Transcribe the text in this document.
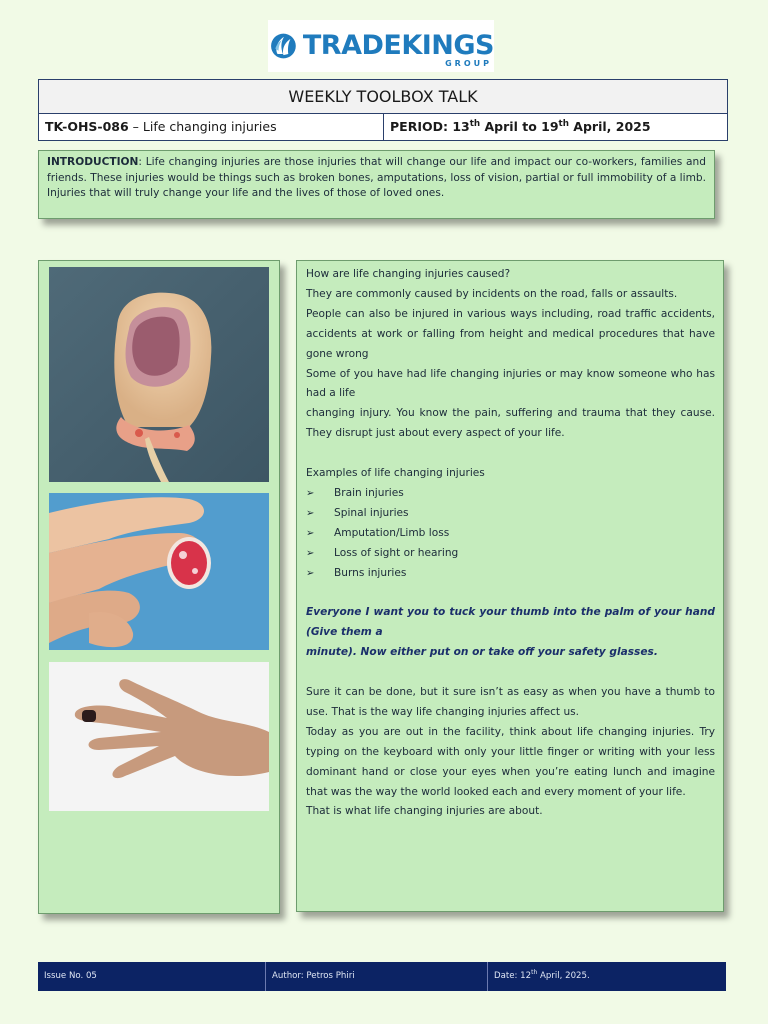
TRADEKINGS
GROUP
WEEKLY TOOLBOX TALK
TK-OHS-086 – Life changing injuries	PERIOD: 13th April to 19th April, 2025
INTRODUCTION: Life changing injuries are those injuries that will change our life and impact our co-workers, families and friends. These injuries would be things such as broken bones, amputations, loss of vision, partial or full immobility of a limb. Injuries that will truly change your life and the lives of those of loved ones.

How are life changing injuries caused?

They are commonly caused by incidents on the road, falls or assaults.

People can also be injured in various ways including, road traffic accidents, accidents at work or falling from height and medical procedures that have gone wrong

Some of you have had life changing injuries or may know someone who has had a life

changing injury. You know the pain, suffering and trauma that they cause. They disrupt just about every aspect of your life.

Examples of life changing injuries

➢	Brain injuries
➢	Spinal injuries
➢	Amputation/Limb loss
➢	Loss of sight or hearing
➢	Burns injuries

Everyone I want you to tuck your thumb into the palm of your hand (Give them a

minute). Now either put on or take off your safety glasses.

Sure it can be done, but it sure isn’t as easy as when you have a thumb to use. That is the way life changing injuries affect us.

Today as you are out in the facility, think about life changing injuries. Try typing on the keyboard with only your little finger or writing with your less dominant hand or close your eyes when you’re eating lunch and imagine that was the way the world looked each and every moment of your life.

That is what life changing injuries are about.

Issue No. 05	Author: Petros Phiri	Date: 12th April, 2025.
